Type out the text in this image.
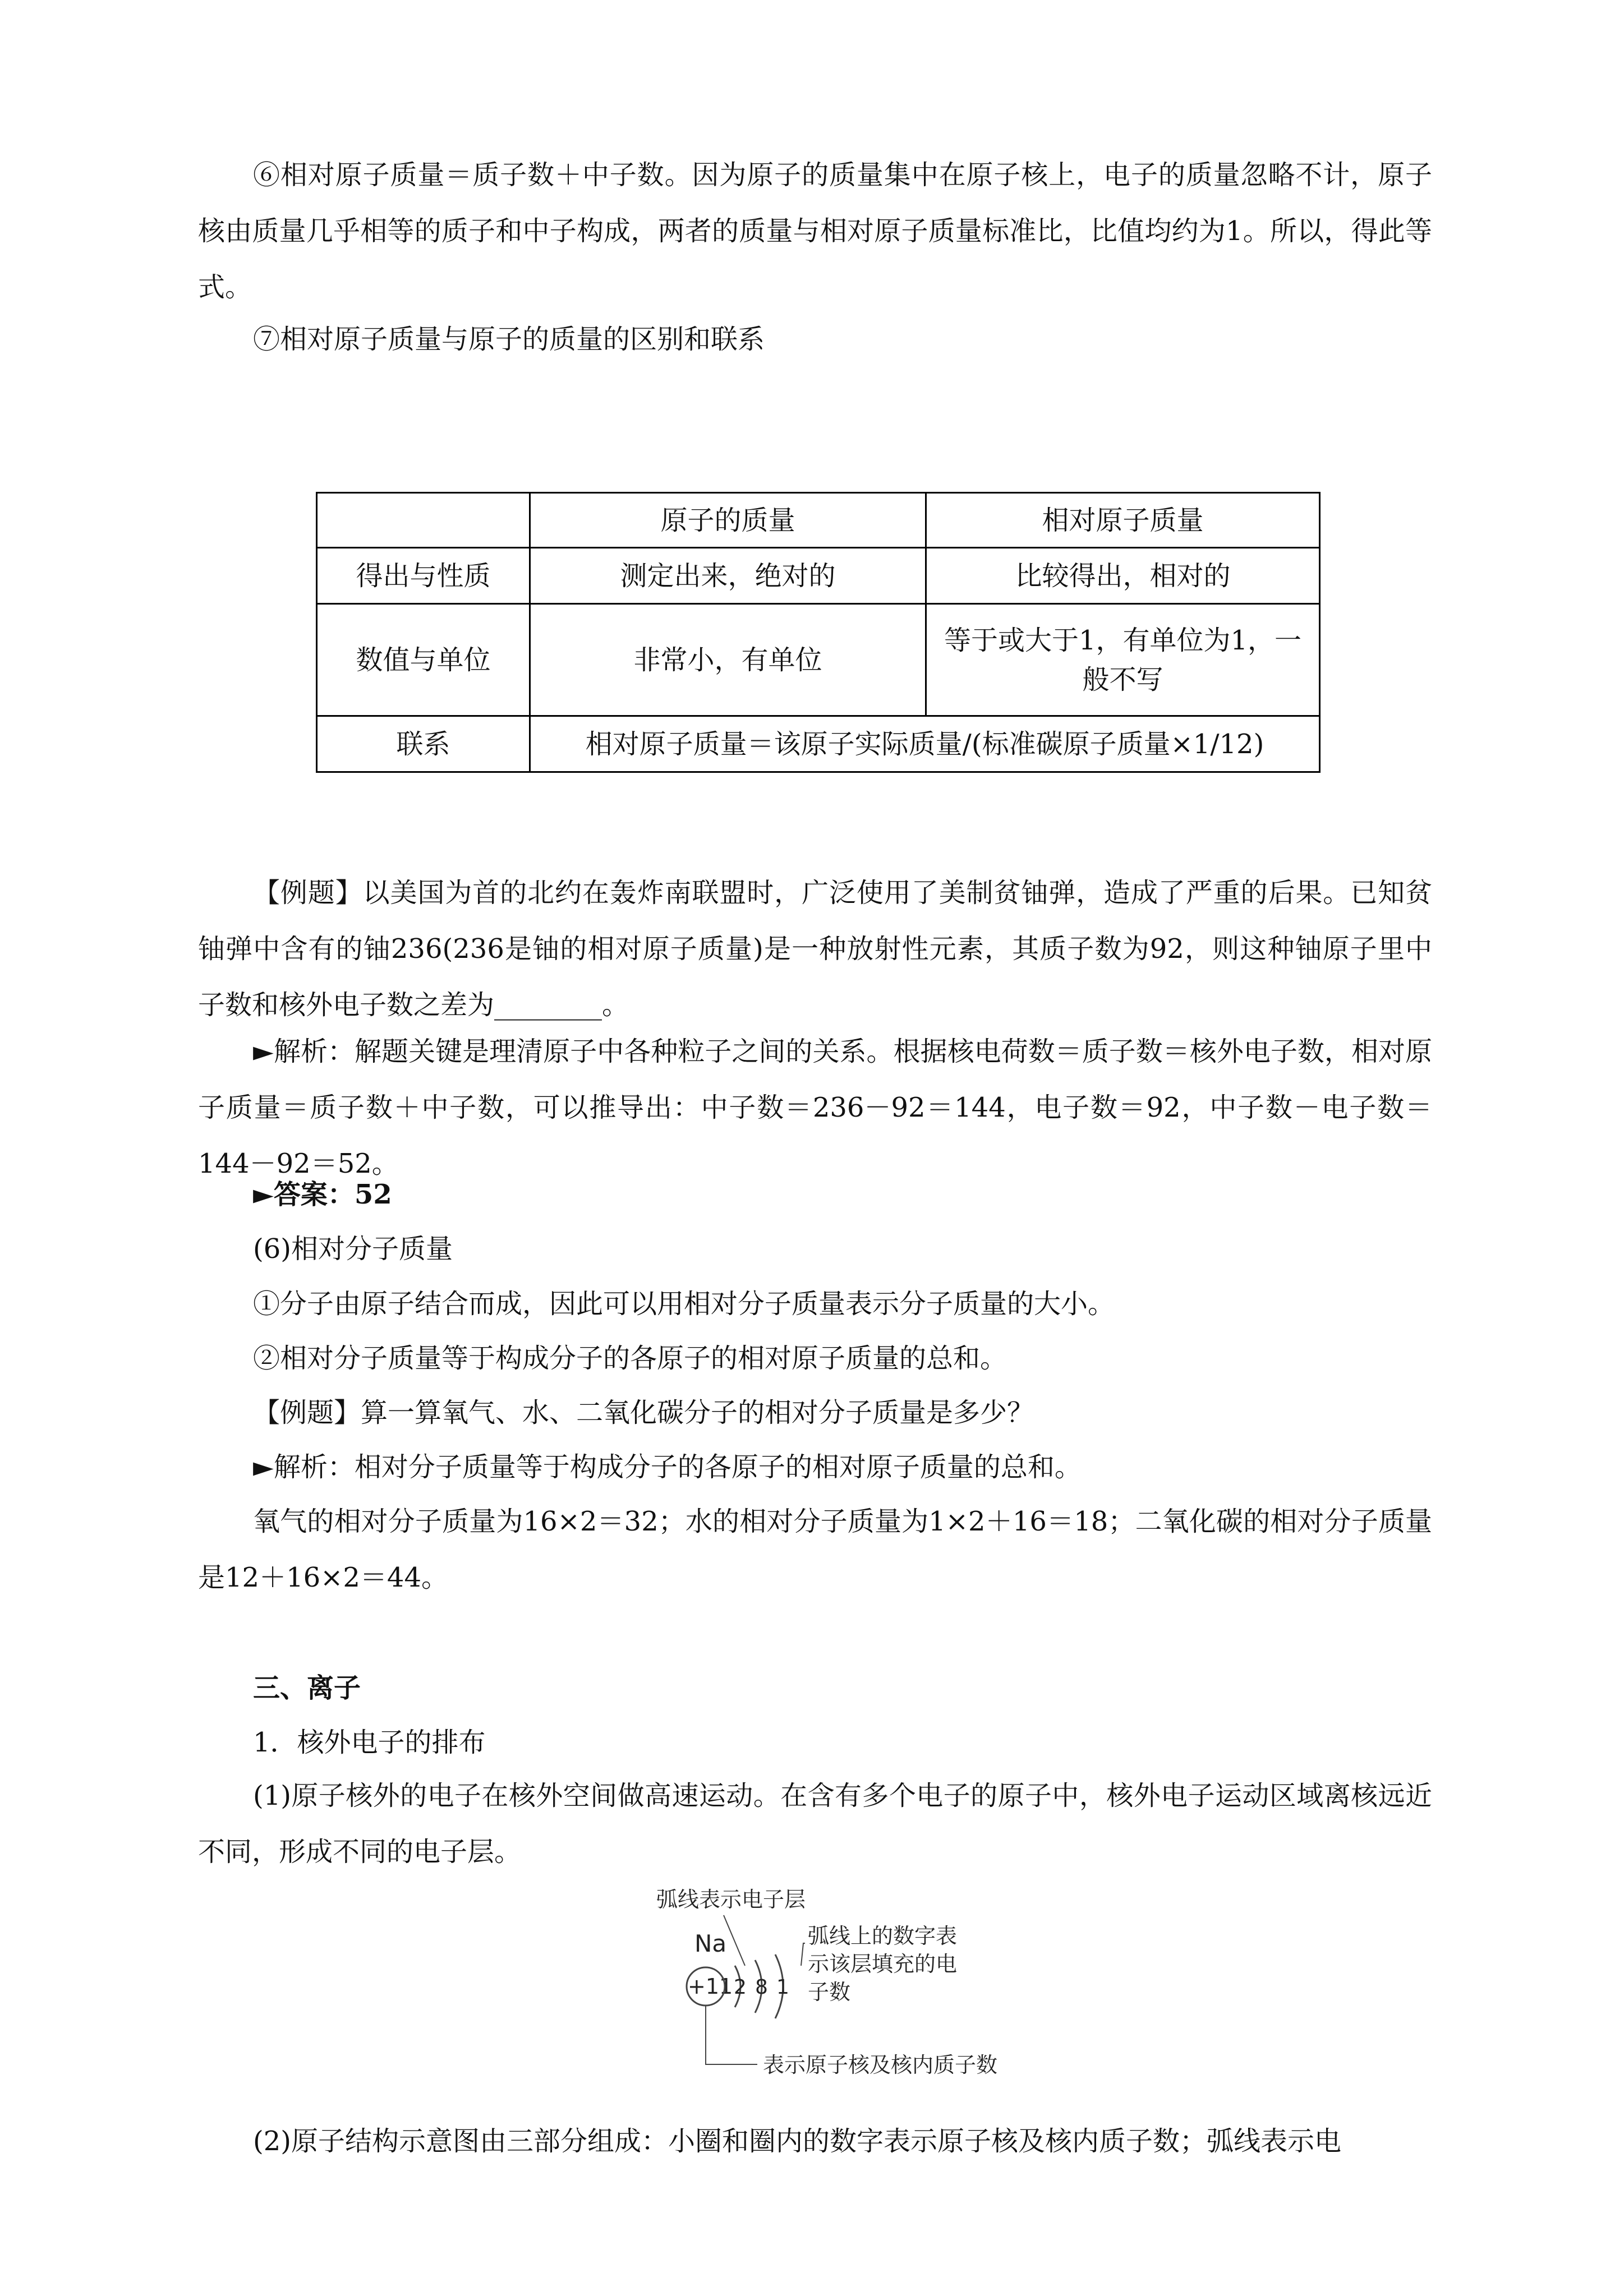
⑥相对原子质量＝质子数＋中子数。因为原子的质量集中在原子核上，电子的质量忽略不计，原子核由质量几乎相等的质子和中子构成，两者的质量与相对原子质量标准比，比值均约为1。所以，得此等式。
⑦相对原子质量与原子的质量的区别和联系
	原子的质量	相对原子质量
得出与性质	测定出来，绝对的	比较得出，相对的
数值与单位	非常小，有单位	等于或大于1，有单位为1，一般不写
联系	相对原子质量＝该原子实际质量/(标准碳原子质量×1/12)	
【例题】以美国为首的北约在轰炸南联盟时，广泛使用了美制贫铀弹，造成了严重的后果。已知贫铀弹中含有的铀236(236是铀的相对原子质量)是一种放射性元素，其质子数为92，则这种铀原子里中子数和核外电子数之差为________。
►解析：解题关键是理清原子中各种粒子之间的关系。根据核电荷数＝质子数＝核外电子数，相对原子质量＝质子数＋中子数，可以推导出：中子数＝236－92＝144，电子数＝92，中子数－电子数＝144－92＝52。
►答案：52
(6)相对分子质量
①分子由原子结合而成，因此可以用相对分子质量表示分子质量的大小。
②相对分子质量等于构成分子的各原子的相对原子质量的总和。
【例题】算一算氧气、水、二氧化碳分子的相对分子质量是多少？
►解析：相对分子质量等于构成分子的各原子的相对原子质量的总和。
氧气的相对分子质量为16×2＝32；水的相对分子质量为1×2＋16＝18；二氧化碳的相对分子质量是12＋16×2＝44。
三、离子
1．核外电子的排布
(1)原子核外的电子在核外空间做高速运动。在含有多个电子的原子中，核外电子运动区域离核远近不同，形成不同的电子层。
弧线表示电子层
弧线上的数字表
示该层填充的电
子数
表示原子核及核内质子数
Na
+11 2 8 1
(2)原子结构示意图由三部分组成：小圈和圈内的数字表示原子核及核内质子数；弧线表示电
